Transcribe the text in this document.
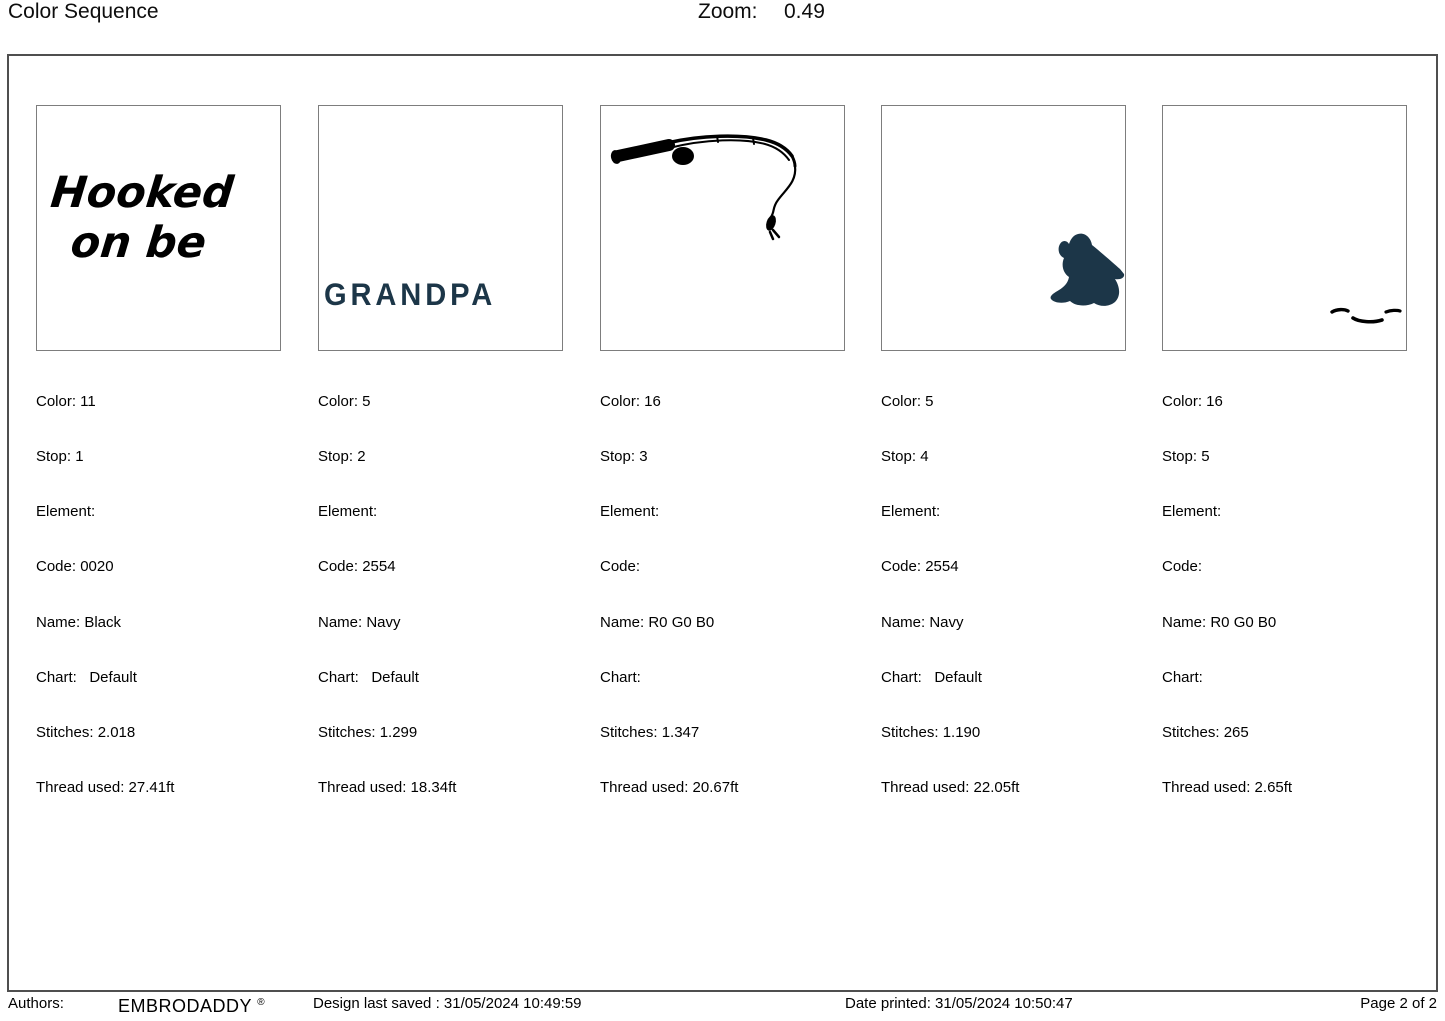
Color Sequence	Zoom: 0.49
Hooked
on be

Color: 11

Stop: 1

Element:

Code: 0020

Name: Black

Chart:   Default

Stitches: 2.018

Thread used: 27.41ft

GRANDPA

Color: 5

Stop: 2

Element:

Code: 2554

Name: Navy

Chart:   Default

Stitches: 1.299

Thread used: 18.34ft

Color: 16

Stop: 3

Element:

Code:

Name: R0 G0 B0

Chart:

Stitches: 1.347

Thread used: 20.67ft

Color: 5

Stop: 4

Element:

Code: 2554

Name: Navy

Chart:   Default

Stitches: 1.190

Thread used: 22.05ft

Color: 16

Stop: 5

Element:

Code:

Name: R0 G0 B0

Chart:

Stitches: 265

Thread used: 2.65ft

Authors:	EMBRODADDY ®	Design last saved : 31/05/2024 10:49:59	Date printed: 31/05/2024 10:50:47	Page 2 of 2
